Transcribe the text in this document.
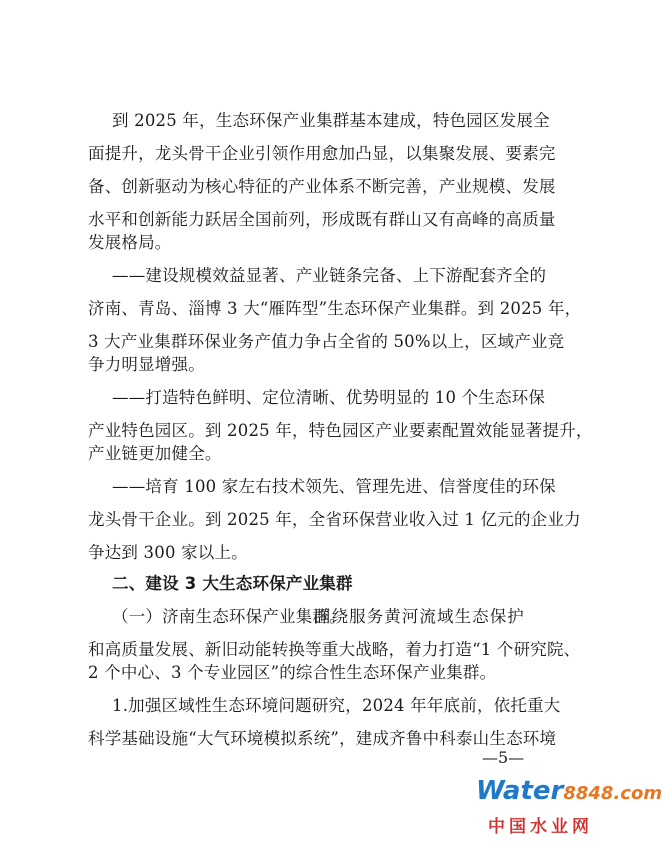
到 2025 年，生态环保产业集群基本建成，特色园区发展全
面提升，龙头骨干企业引领作用愈加凸显，以集聚发展、要素完
备、创新驱动为核心特征的产业体系不断完善，产业规模、发展
水平和创新能力跃居全国前列，形成既有群山又有高峰的高质量
发展格局。
——建设规模效益显著、产业链条完备、上下游配套齐全的
济南、青岛、淄博 3 大“雁阵型”生态环保产业集群。到 2025 年，
3 大产业集群环保业务产值力争占全省的 50%以上，区域产业竞
争力明显增强。
——打造特色鲜明、定位清晰、优势明显的 10 个生态环保
产业特色园区。到 2025 年，特色园区产业要素配置效能显著提升，
产业链更加健全。
——培育 100 家左右技术领先、管理先进、信誉度佳的环保
龙头骨干企业。到 2025 年，全省环保营业收入过 1 亿元的企业力
争达到 300 家以上。
二、建设 3 大生态环保产业集群
（一）济南生态环保产业集群。
围绕服务黄河流域生态保护
和高质量发展、新旧动能转换等重大战略，着力打造“1 个研究院、
2 个中心、3 个专业园区”的综合性生态环保产业集群。
1.加强区域性生态环境问题研究，2024 年年底前，依托重大
科学基础设施“大气环境模拟系统”，建成齐鲁中科泰山生态环境
—5—
Water8848.com
中国水业网
